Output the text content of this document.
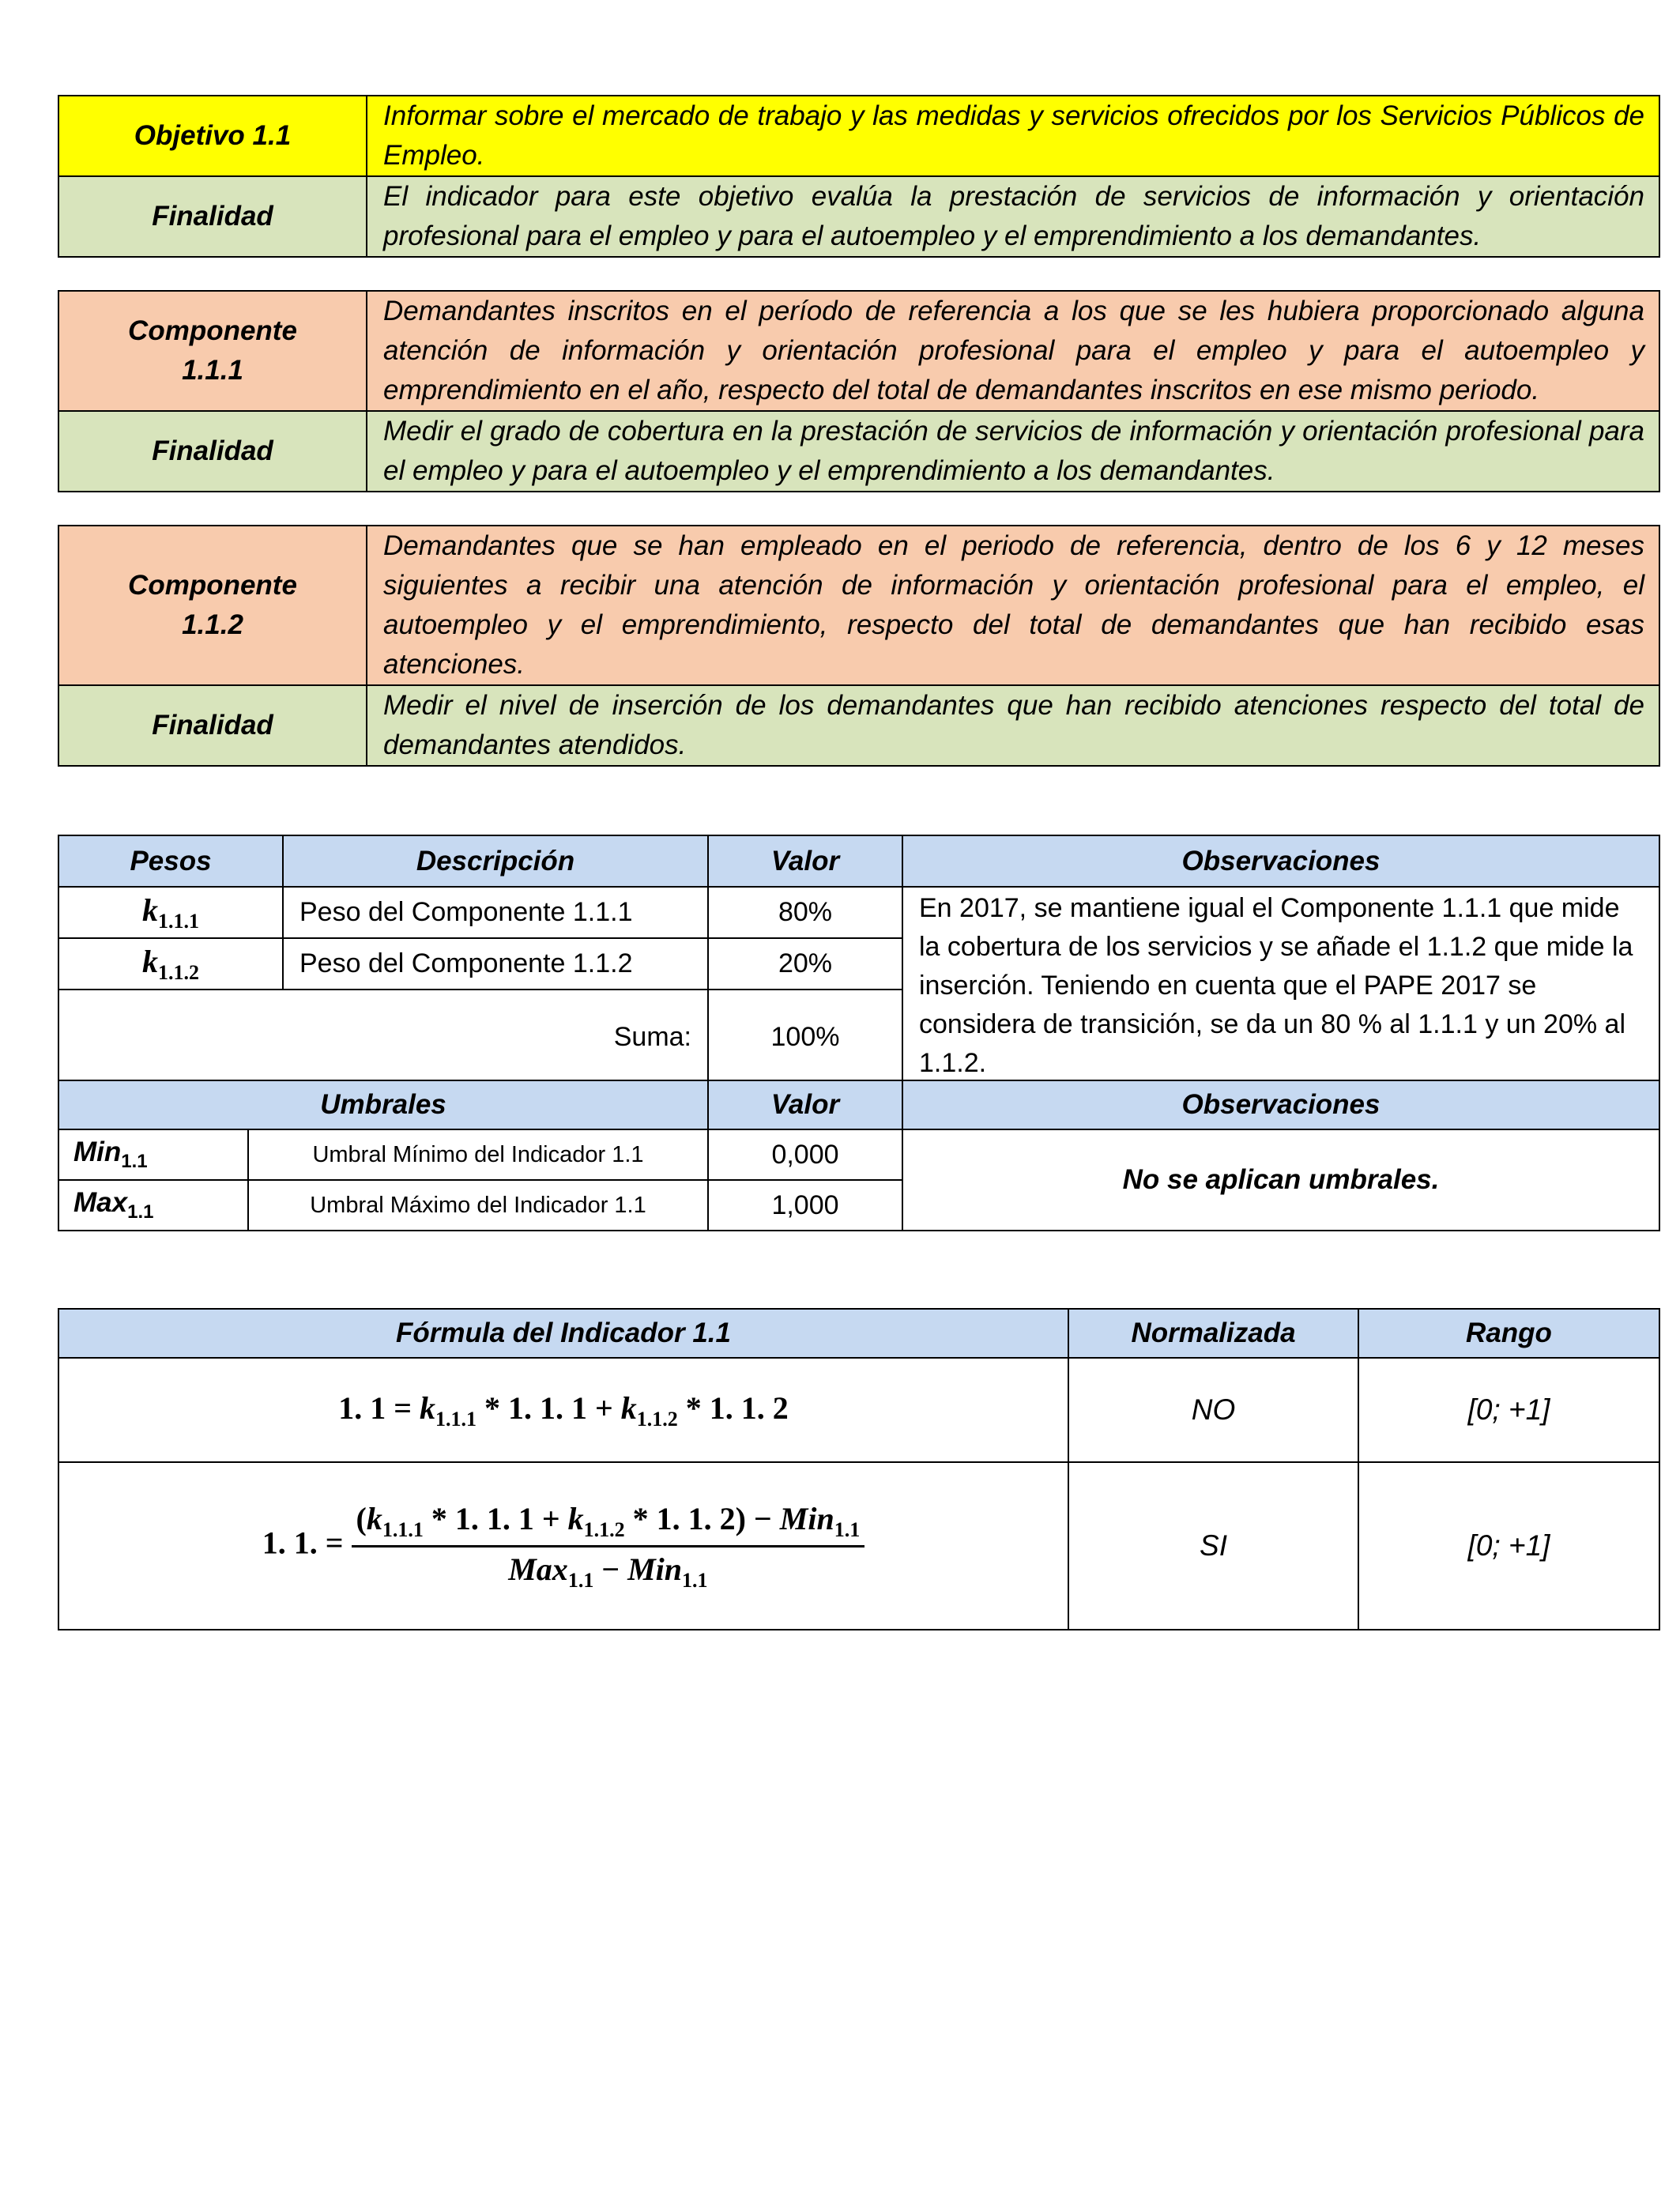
Objetivo 1.1	Informar sobre el mercado de trabajo y las medidas y servicios ofrecidos por los Servicios Públicos de Empleo.
Finalidad	El indicador para este objetivo evalúa la prestación de servicios de información y orientación profesional para el empleo y para el autoempleo y el emprendimiento a los demandantes.
Componente
1.1.1	Demandantes inscritos en el período de referencia a los que se les hubiera proporcionado alguna atención de información y orientación profesional para el empleo y para el autoempleo y emprendimiento en el año, respecto del total de demandantes inscritos en ese mismo periodo.
Finalidad	Medir el grado de cobertura en la prestación de servicios de información y orientación profesional para el empleo y para el autoempleo y el emprendimiento a los demandantes.
Componente
1.1.2	Demandantes que se han empleado en el periodo de referencia, dentro de los 6 y 12 meses siguientes a recibir una atención de información y orientación profesional para el empleo, el autoempleo y el emprendimiento, respecto del total de demandantes que han recibido esas atenciones.
Finalidad	Medir el nivel de inserción de los demandantes que han recibido atenciones respecto del total de demandantes atendidos.
Pesos	Descripción	Valor	Observaciones
$k_{1.1.1}$	Peso del Componente 1.1.1	80%	En 2017, se mantiene igual el Componente 1.1.1 que mide la cobertura de los servicios y se añade el 1.1.2 que mide la inserción. Teniendo en cuenta que el PAPE 2017 se considera de transición, se da un 80 % al 1.1.1 y un 20% al 1.1.2.
$k_{1.1.2}$	Peso del Componente 1.1.2	20%	
Suma:		100%	
Umbrales		Valor	Observaciones
Min$_{1.1}$	Umbral Mínimo del Indicador 1.1	0,000	No se aplican umbrales.
Max$_{1.1}$	Umbral Máximo del Indicador 1.1	1,000	
Fórmula del Indicador 1.1	Normalizada	Rango
1. $1 = k_{1.1.1} * 1$. 1. $1 + k_{1.1.2} * 1$. 1. 2	NO	[0; +1]
1. 1. = $\frac{(k_{1.1.1} * 1. 1. 1 + k_{1.1.2} * 1. 1. 2) - Min_{1.1}}{Max_{1.1} - Min_{1.1}}$	SI	[0; +1]
